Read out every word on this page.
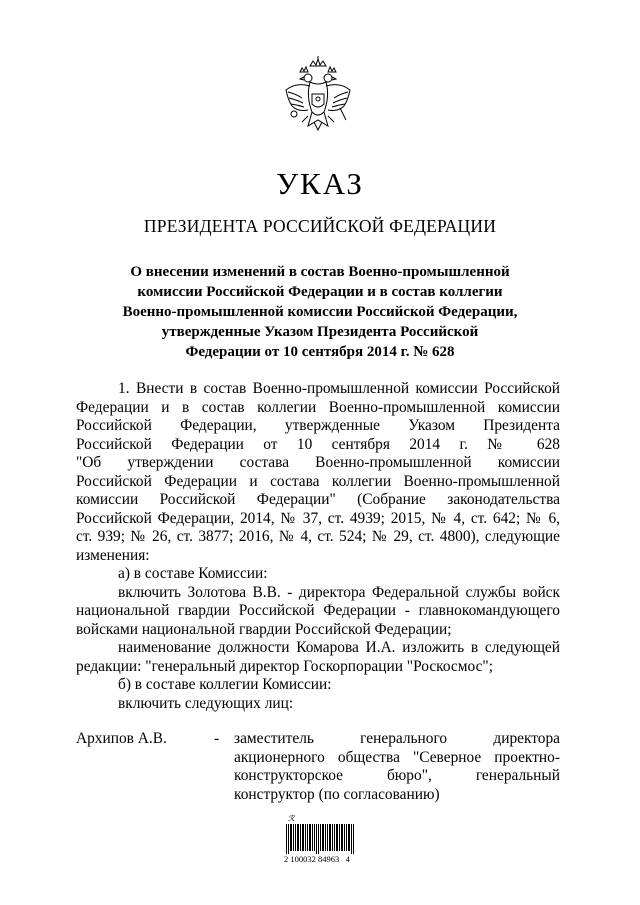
УКАЗ
ПРЕЗИДЕНТА РОССИЙСКОЙ ФЕДЕРАЦИИ
О внесении изменений в состав Военно-промышленной
комиссии Российской Федерации и в состав коллегии
Военно-промышленной комиссии Российской Федерации,
утвержденные Указом Президента Российской
Федерации от 10 сентября 2014 г. № 628
1. Внести в состав Военно-промышленной комиссии Российской
Федерации и в состав коллегии Военно-промышленной комиссии
Российской Федерации, утвержденные Указом Президента
Российской Федерации от 10 сентября 2014 г. № 628
"Об утверждении состава Военно-промышленной комиссии
Российской Федерации и состава коллегии Военно-промышленной
комиссии Российской Федерации" (Собрание законодательства
Российской Федерации, 2014, № 37, ст. 4939; 2015, № 4, ст. 642; № 6,
ст. 939; № 26, ст. 3877; 2016, № 4, ст. 524; № 29, ст. 4800), следующие
изменения:
а) в составе Комиссии:
включить Золотова В.В. - директора Федеральной службы войск
национальной гвардии Российской Федерации - главнокомандующего
войсками национальной гвардии Российской Федерации;
наименование должности Комарова И.А. изложить в следующей
редакции: "генеральный директор Госкорпорации "Роскосмос";
б) в составе коллегии Комиссии:
включить следующих лиц:
Архипов А.В.	- заместитель генерального директора
акционерного общества "Северное проектно-
конструкторское бюро", генеральный
конструктор (по согласованию)
ℛ
2 100032 84963   4
